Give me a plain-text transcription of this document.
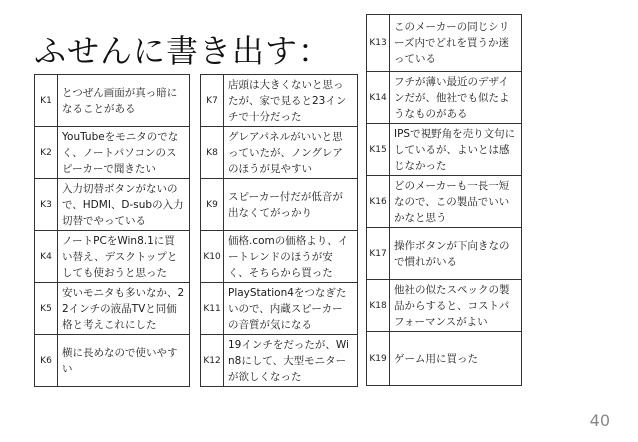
ふせんに書き出す：
K1
とつぜん画面が真っ暗になることがある
K2
YouTubeをモニタのでなく、ノートパソコンのスピーカーで聞きたい
K3
入力切替ボタンがないので、HDMI、D-subの入力切替でやっている
K4
ノートPCをWin8.1に買い替え、デスクトップとしても使おうと思った
K5
安いモニタも多いなか、22インチの液晶TVと同価格と考えこれにした
K6
横に長めなので使いやすい
K7
店頭は大きくないと思ったが、家で見ると23インチで十分だった
K8
グレアパネルがいいと思っていたが、ノングレアのほうが見やすい
K9
スピーカー付だが低音が出なくてがっかり
K10
価格.comの価格より、イートレンドのほうが安く、そちらから買った
K11
PlayStation4をつなぎたいので、内蔵スピーカーの音質が気になる
K12
19インチをだったが、Win8にして、大型モニターが欲しくなった
K13
このメーカーの同じシリーズ内でどれを買うか迷っている
K14
フチが薄い最近のデザインだが、他社でも似たようなものがある
K15
IPSで視野角を売り文句にしているが、よいとは感じなかった
K16
どのメーカーも一長一短なので、この製品でいいかなと思う
K17
操作ボタンが下向きなので慣れがいる
K18
他社の似たスペックの製品からすると、コストパフォーマンスがよい
K19 ゲーム用に買った
40
